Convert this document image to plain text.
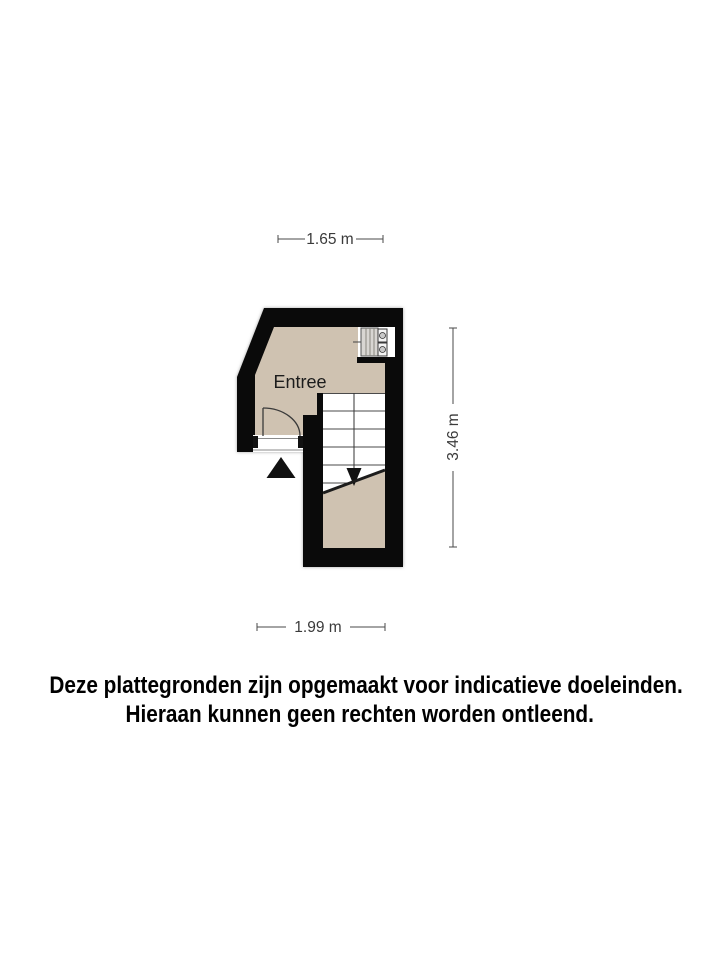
1.65 m
3.46 m
1.99 m
Entree
Deze plattegronden zijn opgemaakt voor indicatieve doeleinden.
Hieraan kunnen geen rechten worden ontleend.
